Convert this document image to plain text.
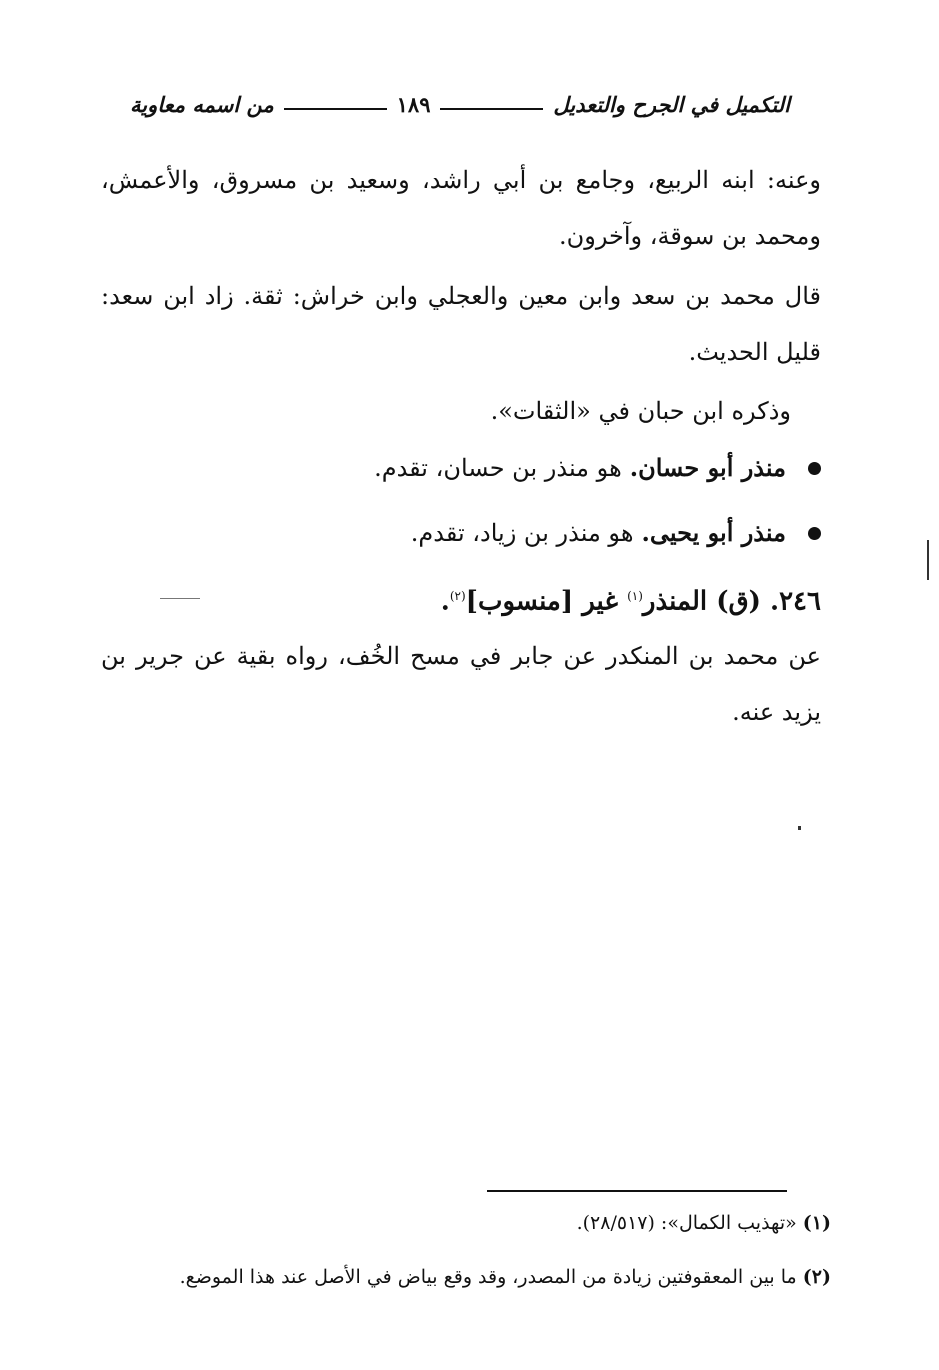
التكميل في الجرح والتعديل
١٨٩
من اسمه معاوية
وعنه: ابنه الربيع، وجامع بن أبي راشد، وسعيد بن مسروق، والأعمش، ومحمد بن سوقة، وآخرون.
قال محمد بن سعد وابن معين والعجلي وابن خراش: ثقة. زاد ابن سعد: قليل الحديث.
وذكره ابن حبان في «الثقات».
منذر أبو حسان.
هو منذر بن حسان، تقدم.
منذر أبو يحيى.
هو منذر بن زياد، تقدم.
٢٤٦. (ق) المنذر$^{(١)}$ غير [منسوب]$^{(٢)}$.
عن محمد بن المنكدر عن جابر في مسح الخُف، رواه بقية عن جرير بن يزيد عنه.
(١) «تهذيب الكمال»: (٢٨/٥١٧).
(٢) ما بين المعقوفتين زيادة من المصدر، وقد وقع بياض في الأصل عند هذا الموضع.
